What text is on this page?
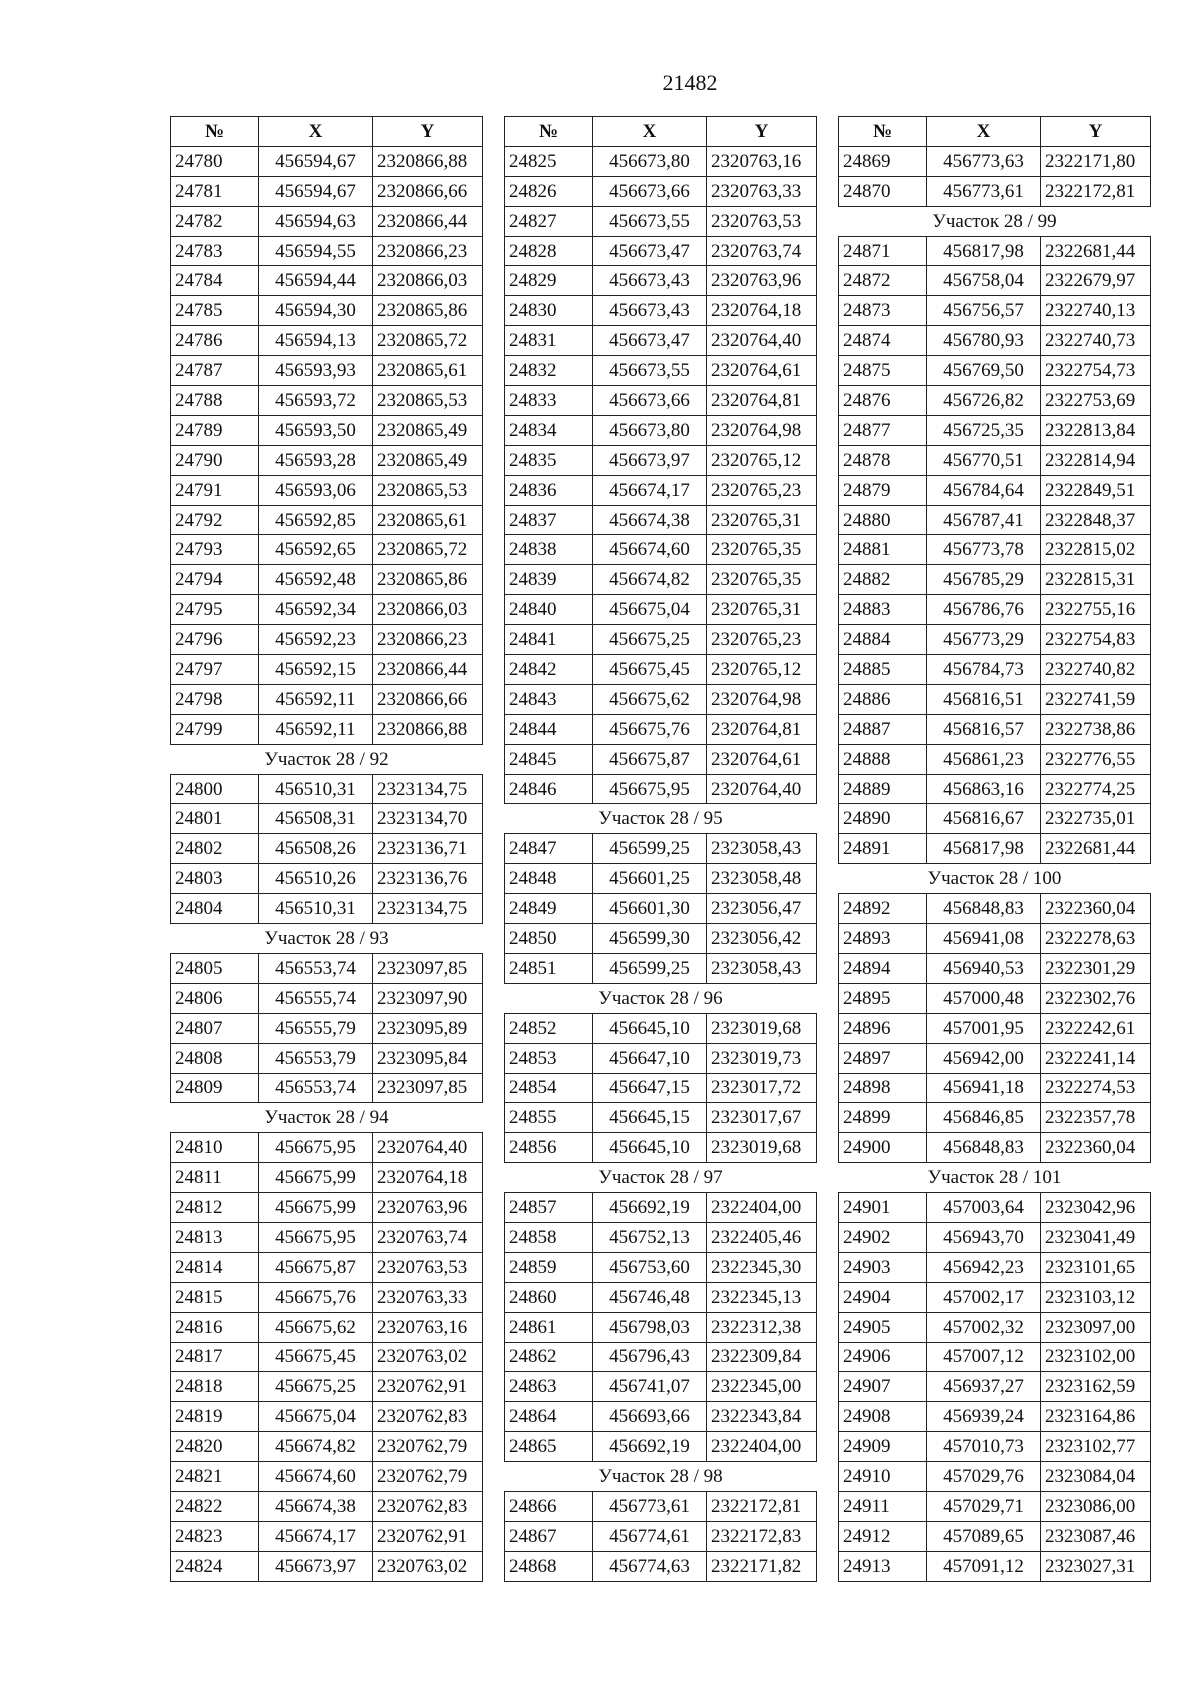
21482
№	X	Y
24780	456594,67	2320866,88
24781	456594,67	2320866,66
24782	456594,63	2320866,44
24783	456594,55	2320866,23
24784	456594,44	2320866,03
24785	456594,30	2320865,86
24786	456594,13	2320865,72
24787	456593,93	2320865,61
24788	456593,72	2320865,53
24789	456593,50	2320865,49
24790	456593,28	2320865,49
24791	456593,06	2320865,53
24792	456592,85	2320865,61
24793	456592,65	2320865,72
24794	456592,48	2320865,86
24795	456592,34	2320866,03
24796	456592,23	2320866,23
24797	456592,15	2320866,44
24798	456592,11	2320866,66
24799	456592,11	2320866,88
Участок 28 / 92		
24800	456510,31	2323134,75
24801	456508,31	2323134,70
24802	456508,26	2323136,71
24803	456510,26	2323136,76
24804	456510,31	2323134,75
Участок 28 / 93		
24805	456553,74	2323097,85
24806	456555,74	2323097,90
24807	456555,79	2323095,89
24808	456553,79	2323095,84
24809	456553,74	2323097,85
Участок 28 / 94		
24810	456675,95	2320764,40
24811	456675,99	2320764,18
24812	456675,99	2320763,96
24813	456675,95	2320763,74
24814	456675,87	2320763,53
24815	456675,76	2320763,33
24816	456675,62	2320763,16
24817	456675,45	2320763,02
24818	456675,25	2320762,91
24819	456675,04	2320762,83
24820	456674,82	2320762,79
24821	456674,60	2320762,79
24822	456674,38	2320762,83
24823	456674,17	2320762,91
24824	456673,97	2320763,02
№	X	Y
24825	456673,80	2320763,16
24826	456673,66	2320763,33
24827	456673,55	2320763,53
24828	456673,47	2320763,74
24829	456673,43	2320763,96
24830	456673,43	2320764,18
24831	456673,47	2320764,40
24832	456673,55	2320764,61
24833	456673,66	2320764,81
24834	456673,80	2320764,98
24835	456673,97	2320765,12
24836	456674,17	2320765,23
24837	456674,38	2320765,31
24838	456674,60	2320765,35
24839	456674,82	2320765,35
24840	456675,04	2320765,31
24841	456675,25	2320765,23
24842	456675,45	2320765,12
24843	456675,62	2320764,98
24844	456675,76	2320764,81
24845	456675,87	2320764,61
24846	456675,95	2320764,40
Участок 28 / 95		
24847	456599,25	2323058,43
24848	456601,25	2323058,48
24849	456601,30	2323056,47
24850	456599,30	2323056,42
24851	456599,25	2323058,43
Участок 28 / 96		
24852	456645,10	2323019,68
24853	456647,10	2323019,73
24854	456647,15	2323017,72
24855	456645,15	2323017,67
24856	456645,10	2323019,68
Участок 28 / 97		
24857	456692,19	2322404,00
24858	456752,13	2322405,46
24859	456753,60	2322345,30
24860	456746,48	2322345,13
24861	456798,03	2322312,38
24862	456796,43	2322309,84
24863	456741,07	2322345,00
24864	456693,66	2322343,84
24865	456692,19	2322404,00
Участок 28 / 98		
24866	456773,61	2322172,81
24867	456774,61	2322172,83
24868	456774,63	2322171,82
№	X	Y
24869	456773,63	2322171,80
24870	456773,61	2322172,81
Участок 28 / 99		
24871	456817,98	2322681,44
24872	456758,04	2322679,97
24873	456756,57	2322740,13
24874	456780,93	2322740,73
24875	456769,50	2322754,73
24876	456726,82	2322753,69
24877	456725,35	2322813,84
24878	456770,51	2322814,94
24879	456784,64	2322849,51
24880	456787,41	2322848,37
24881	456773,78	2322815,02
24882	456785,29	2322815,31
24883	456786,76	2322755,16
24884	456773,29	2322754,83
24885	456784,73	2322740,82
24886	456816,51	2322741,59
24887	456816,57	2322738,86
24888	456861,23	2322776,55
24889	456863,16	2322774,25
24890	456816,67	2322735,01
24891	456817,98	2322681,44
Участок 28 / 100		
24892	456848,83	2322360,04
24893	456941,08	2322278,63
24894	456940,53	2322301,29
24895	457000,48	2322302,76
24896	457001,95	2322242,61
24897	456942,00	2322241,14
24898	456941,18	2322274,53
24899	456846,85	2322357,78
24900	456848,83	2322360,04
Участок 28 / 101		
24901	457003,64	2323042,96
24902	456943,70	2323041,49
24903	456942,23	2323101,65
24904	457002,17	2323103,12
24905	457002,32	2323097,00
24906	457007,12	2323102,00
24907	456937,27	2323162,59
24908	456939,24	2323164,86
24909	457010,73	2323102,77
24910	457029,76	2323084,04
24911	457029,71	2323086,00
24912	457089,65	2323087,46
24913	457091,12	2323027,31
